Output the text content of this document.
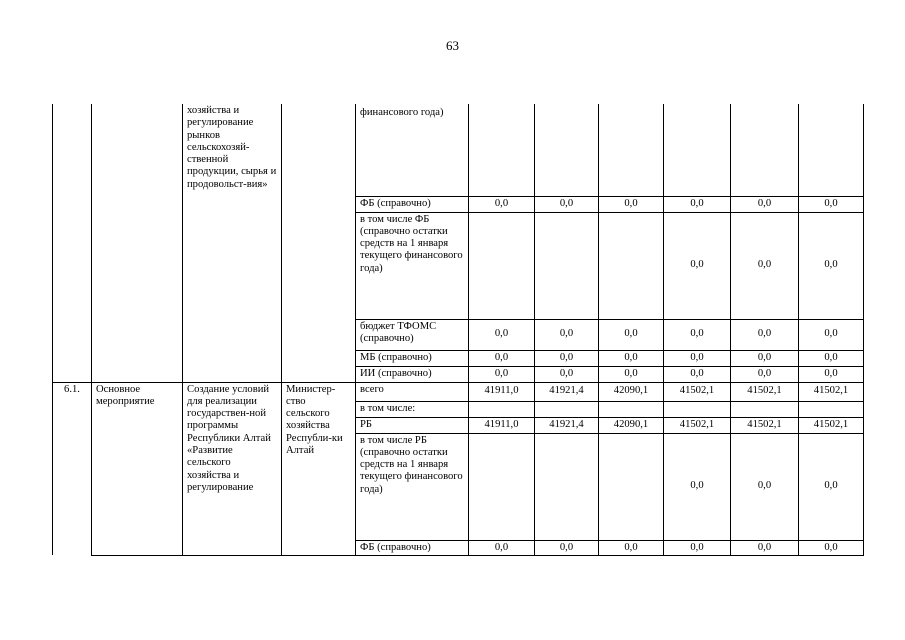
63
		хозяйства и регулирование рынков сельскохозяй-ственной продукции, сырья и продовольст-вия»		финансового года)						
				ФБ (справочно)	0,0	0,0	0,0	0,0	0,0	0,0
				в том числе ФБ (справочно остатки средств на 1 января текущего финансового года)				0,0	0,0	0,0
				бюджет ТФОМС (справочно)	0,0	0,0	0,0	0,0	0,0	0,0
				МБ (справочно)	0,0	0,0	0,0	0,0	0,0	0,0
				ИИ (справочно)	0,0	0,0	0,0	0,0	0,0	0,0
6.1.	Основное мероприятие	Создание условий для реализации государствен-ной программы Республики Алтай «Развитие сельского хозяйства и регулирование	Министер-ство сельского хозяйства Республи-ки Алтай	всего	41911,0	41921,4	42090,1	41502,1	41502,1	41502,1
				в том числе:						
				РБ	41911,0	41921,4	42090,1	41502,1	41502,1	41502,1
				в том числе РБ (справочно остатки средств на 1 января текущего финансового года)				0,0	0,0	0,0
				ФБ (справочно)	0,0	0,0	0,0	0,0	0,0	0,0
